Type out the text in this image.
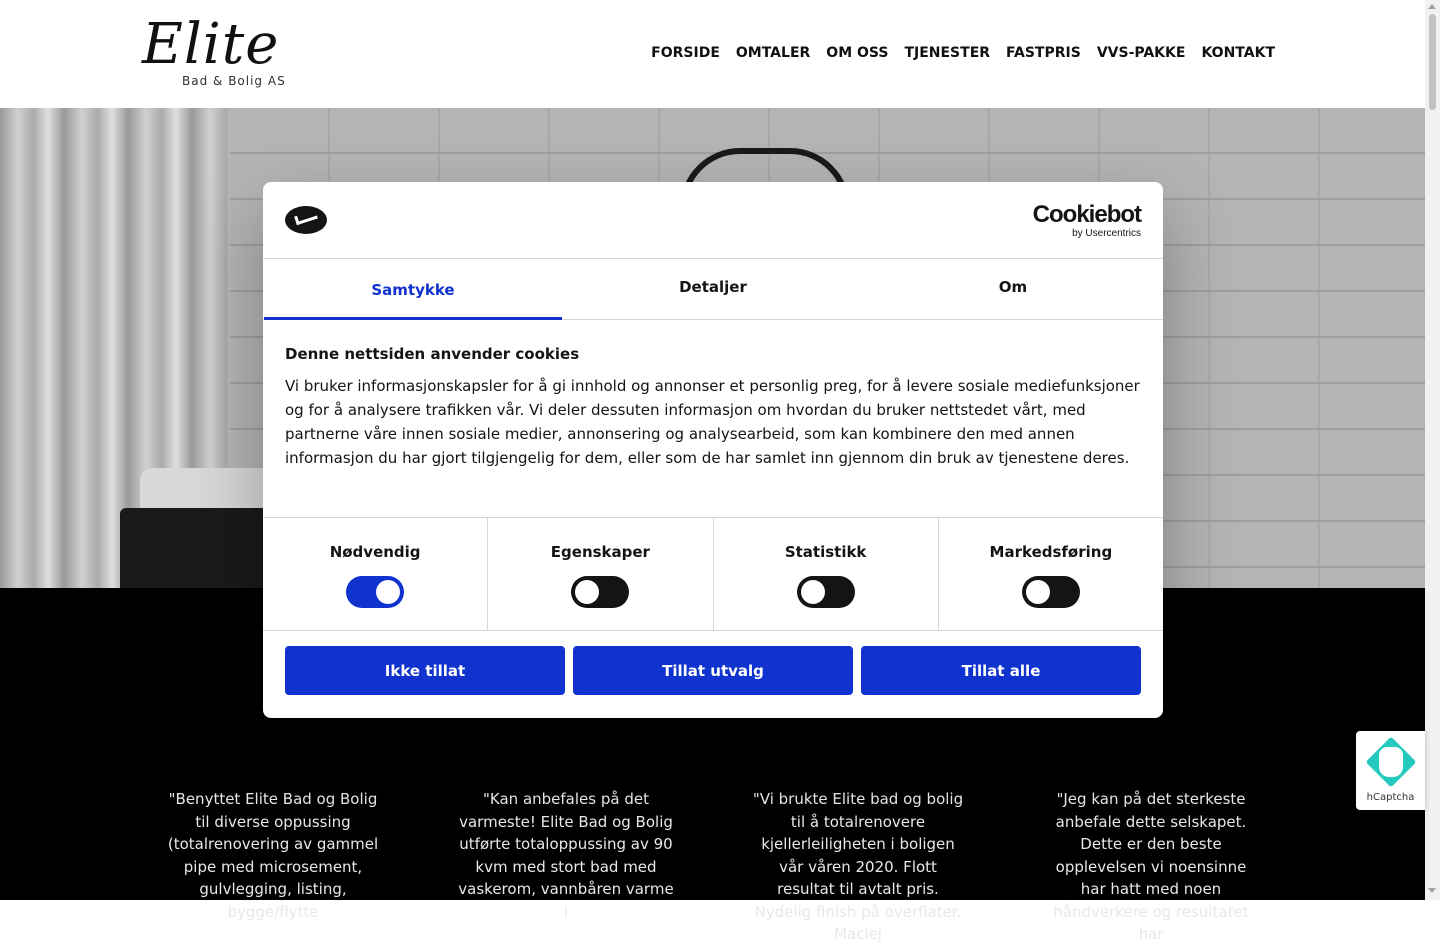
Elite
Bad & Bolig AS
FORSIDE OMTALER OM OSS TJENESTER FASTPRIS VVS-PAKKE KONTAKT
"Benyttet Elite Bad og Bolig til diverse oppussing (totalrenovering av gammel pipe med microsement, gulvlegging, listing, bygge/flytte
"Kan anbefales på det varmeste! Elite Bad og Bolig utførte totaloppussing av 90 kvm med stort bad med vaskerom, vannbåren varme i
"Vi brukte Elite bad og bolig til å totalrenovere kjellerleiligheten i boligen vår våren 2020. Flott resultat til avtalt pris. Nydelig finish på overflater. Maciej
"Jeg kan på det sterkeste anbefale dette selskapet. Dette er den beste opplevelsen vi noensinne har hatt med noen håndverkere og resultatet har
Cookiebot
by Usercentrics
Samtykke	Detaljer	Om
Denne nettsiden anvender cookies
Vi bruker informasjonskapsler for å gi innhold og annonser et personlig preg, for å levere sosiale mediefunksjoner og for å analysere trafikken vår. Vi deler dessuten informasjon om hvordan du bruker nettstedet vårt, med partnerne våre innen sosiale medier, annonsering og analysearbeid, som kan kombinere den med annen informasjon du har gjort tilgjengelig for dem, eller som de har samlet inn gjennom din bruk av tjenestene deres.
Nødvendig	Egenskaper	Statistikk	Markedsføring
Ikke tillat	Tillat utvalg	Tillat alle
hCaptcha
